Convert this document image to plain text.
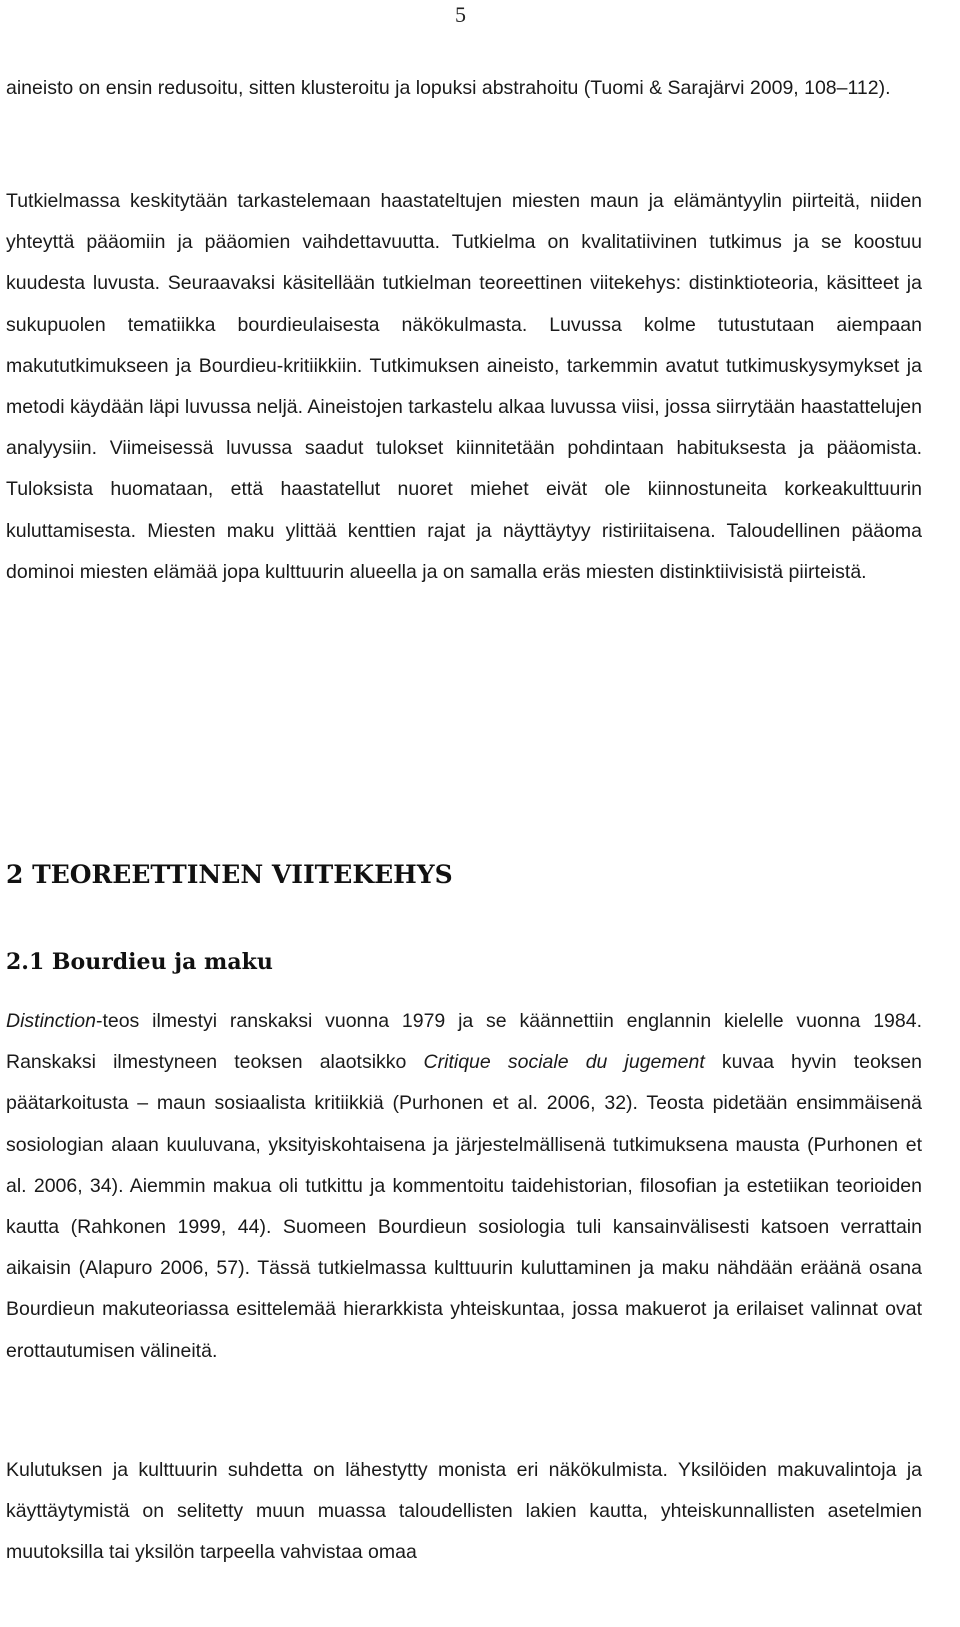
5

aineisto on ensin redusoitu, sitten klusteroitu ja lopuksi abstrahoitu (Tuomi & Sarajärvi 2009, 108–112).

Tutkielmassa keskitytään tarkastelemaan haastateltujen miesten maun ja elämäntyylin piirteitä, niiden yhteyttä pääomiin ja pääomien vaihdettavuutta. Tutkielma on kvalitatiivinen tutkimus ja se koostuu kuudesta luvusta. Seuraavaksi käsitellään tutkielman teoreettinen viitekehys: distinktioteoria, käsitteet ja sukupuolen tematiikka bourdieulaisesta näkökulmasta. Luvussa kolme tutustutaan aiempaan makututkimukseen ja Bourdieu-kritiikkiin. Tutkimuksen aineisto, tarkemmin avatut tutkimuskysymykset ja metodi käydään läpi luvussa neljä. Aineistojen tarkastelu alkaa luvussa viisi, jossa siirrytään haastattelujen analyysiin. Viimeisessä luvussa saadut tulokset kiinnitetään pohdintaan habituksesta ja pääomista. Tuloksista huomataan, että haastatellut nuoret miehet eivät ole kiinnostuneita korkeakulttuurin kuluttamisesta. Miesten maku ylittää kenttien rajat ja näyttäytyy ristiriitaisena. Taloudellinen pääoma dominoi miesten elämää jopa kulttuurin alueella ja on samalla eräs miesten distinktiivisistä piirteistä.

2 TEOREETTINEN VIITEKEHYS
2.1 Bourdieu ja maku

Distinction-teos ilmestyi ranskaksi vuonna 1979 ja se käännettiin englannin kielelle vuonna 1984. Ranskaksi ilmestyneen teoksen alaotsikko Critique sociale du jugement kuvaa hyvin teoksen päätarkoitusta – maun sosiaalista kritiikkiä (Purhonen et al. 2006, 32). Teosta pidetään ensimmäisenä sosiologian alaan kuuluvana, yksityiskohtaisena ja järjestelmällisenä tutkimuksena mausta (Purhonen et al. 2006, 34). Aiemmin makua oli tutkittu ja kommentoitu taidehistorian, filosofian ja estetiikan teorioiden kautta (Rahkonen 1999, 44). Suomeen Bourdieun sosiologia tuli kansainvälisesti katsoen verrattain aikaisin (Alapuro 2006, 57). Tässä tutkielmassa kulttuurin kuluttaminen ja maku nähdään eräänä osana Bourdieun makuteoriassa esittelemää hierarkkista yhteiskuntaa, jossa makuerot ja erilaiset valinnat ovat erottautumisen välineitä.

Kulutuksen ja kulttuurin suhdetta on lähestytty monista eri näkökulmista. Yksilöiden makuvalintoja ja käyttäytymistä on selitetty muun muassa taloudellisten lakien kautta, yhteiskunnallisten asetelmien muutoksilla tai yksilön tarpeella vahvistaa omaa
